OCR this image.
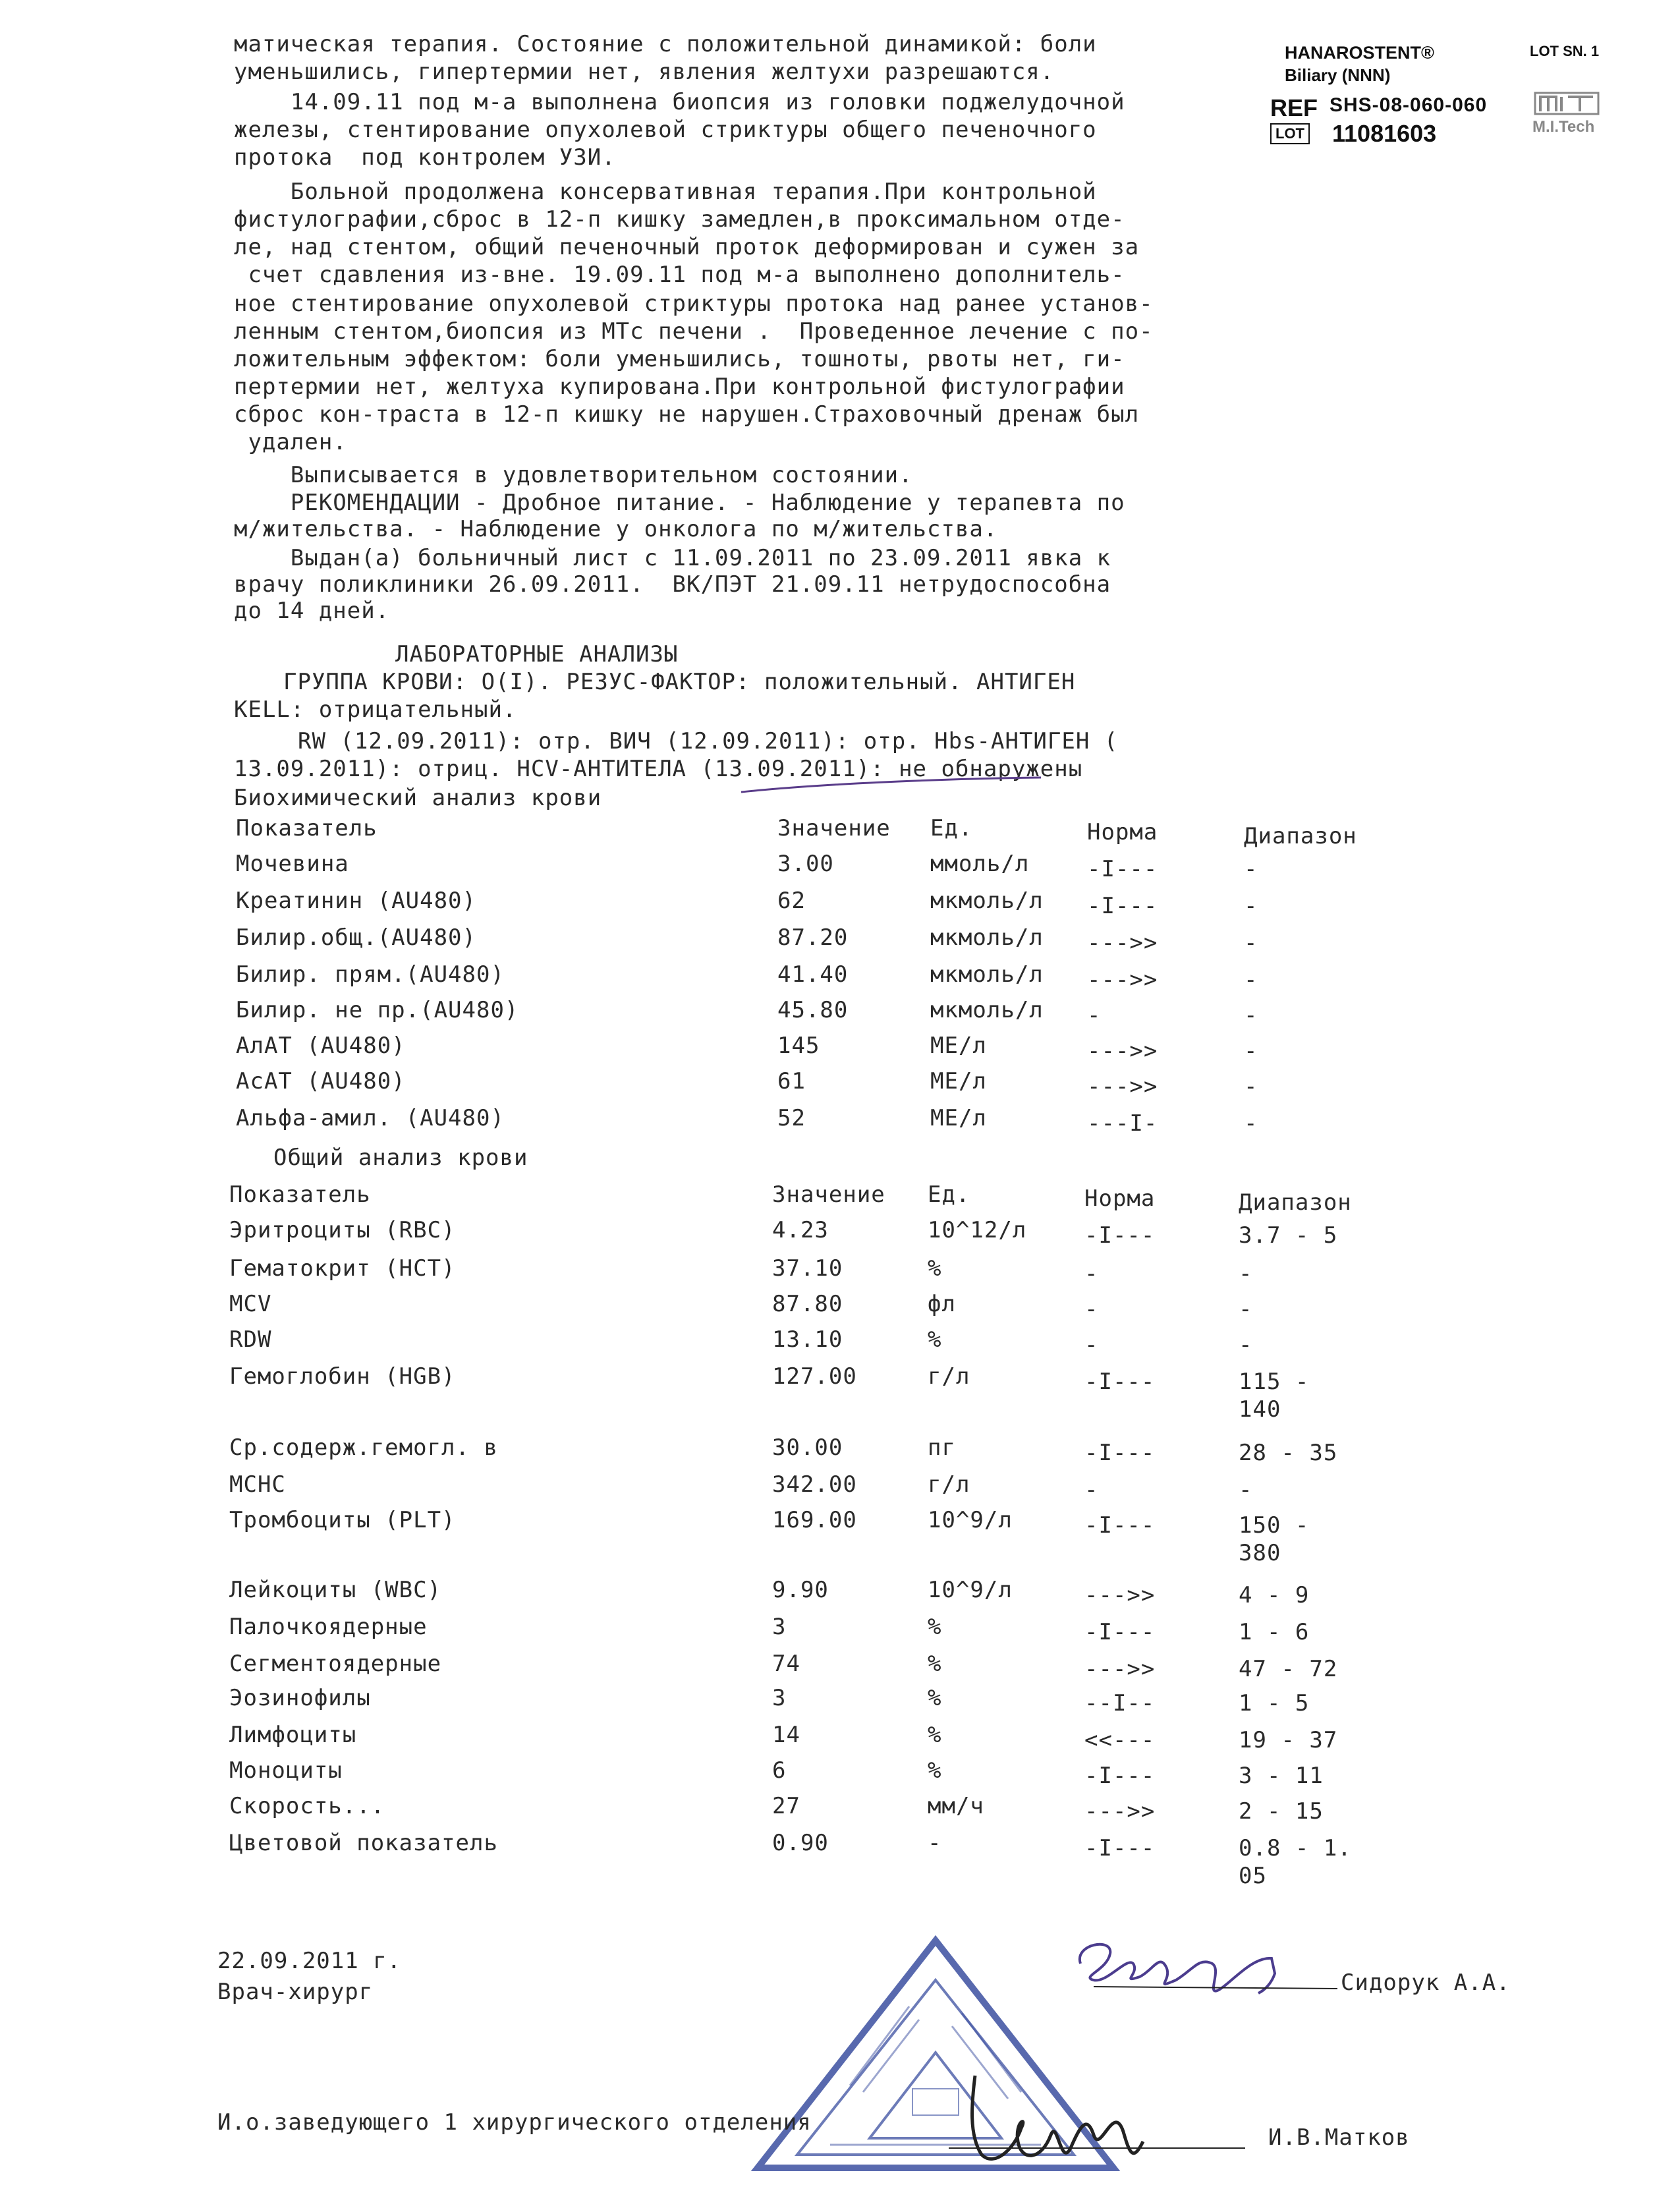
HANAROSTENT®
Biliary (NNN)
REF SHS-08-060-060
LOT 11081603
LOT SN. 1
M.I.Tech
матическая терапия. Состояние с положительной динамикой: боли
уменьшились, гипертермии нет, явления желтухи разрешаются.
14.09.11 под м-а выполнена биопсия из головки поджелудочной
железы, стентирование опухолевой стриктуры общего печеночного
протока  под контролем УЗИ.
Больной продолжена консервативная терапия.При контрольной
фистулографии,сброс в 12-п кишку замедлен,в проксимальном отде-
ле, над стентом, общий печеночный проток деформирован и сужен за
счет сдавления из-вне. 19.09.11 под м-а выполнено дополнитель-
ное стентирование опухолевой стриктуры протока над ранее установ-
ленным стентом,биопсия из МТс печени .  Проведенное лечение с по-
ложительным эффектом: боли уменьшились, тошноты, рвоты нет, ги-
пертермии нет, желтуха купирована.При контрольной фистулографии
сброс кон-траста в 12-п кишку не нарушен.Страховочный дренаж был
удален.
Выписывается в удовлетворительном состоянии.
РЕКОМЕНДАЦИИ - Дробное питание. - Наблюдение у терапевта по
м/жительства. - Наблюдение у онколога по м/жительства.
Выдан(а) больничный лист с 11.09.2011 по 23.09.2011 явка к
врачу поликлиники 26.09.2011.  ВК/ПЭТ 21.09.11 нетрудоспособна
до 14 дней.
ЛАБОРАТОРНЫЕ АНАЛИЗЫ
ГРУППА КРОВИ: O(I). РЕЗУС-ФАКТОР: положительный. АНТИГЕН
KELL: отрицательный.
RW (12.09.2011): отр. ВИЧ (12.09.2011): отр. Hbs-АНТИГЕН (
13.09.2011): отриц. HCV-АНТИТЕЛА (13.09.2011): не обнаружены
Биохимический анализ крови
Показатель	Значение Ед.	Норма	Диапазон
Мочевина	3.00	ммоль/л	-I---	-
Креатинин (AU480)	62	мкмоль/л -I---	-
Билир.общ.(AU480)	87.20	мкмоль/л --->>	-
Билир. прям.(AU480)	41.40	мкмоль/л --->>	-
Билир. не пр.(AU480)	45.80	мкмоль/л -	-
АлАТ (AU480)	145	МЕ/л	--->>	-
АсАТ (AU480)	61	МЕ/л	--->>	-
Альфа-амил. (AU480)	52	МЕ/л	---I-	-
Общий анализ крови
Показатель	Значение Ед.	Норма	Диапазон
Эритроциты (RBC)	4.23	10^12/л	-I---	3.7 - 5
Гематокрит (HCT)	37.10	%	-	-
MCV	87.80	фл	-	-
RDW	13.10	%	-	-
Гемоглобин (HGB)	127.00	г/л	-I---	115 -
140
Ср.содерж.гемогл. в	30.00	пг	-I---	28 - 35
MCHC	342.00	г/л	-	-
Тромбоциты (PLT)	169.00	10^9/л	-I---	150 -
380
Лейкоциты (WBC)	9.90	10^9/л	--->>	4 - 9
Палочкоядерные	3	%	-I---	1 - 6
Сегментоядерные	74	%	--->>	47 - 72
Эозинофилы	3	%	--I--	1 - 5
Лимфоциты	14	%	<<---	19 - 37
Моноциты	6	%	-I---	3 - 11
Скорость...	27	мм/ч	--->>	2 - 15
Цветовой показатель	0.90	-	-I---	0.8 - 1.
05
22.09.2011 г.
Врач-хирург	Сидорук А.А.
И.о.заведующего 1 хирургического отделения
И.В.Матков
